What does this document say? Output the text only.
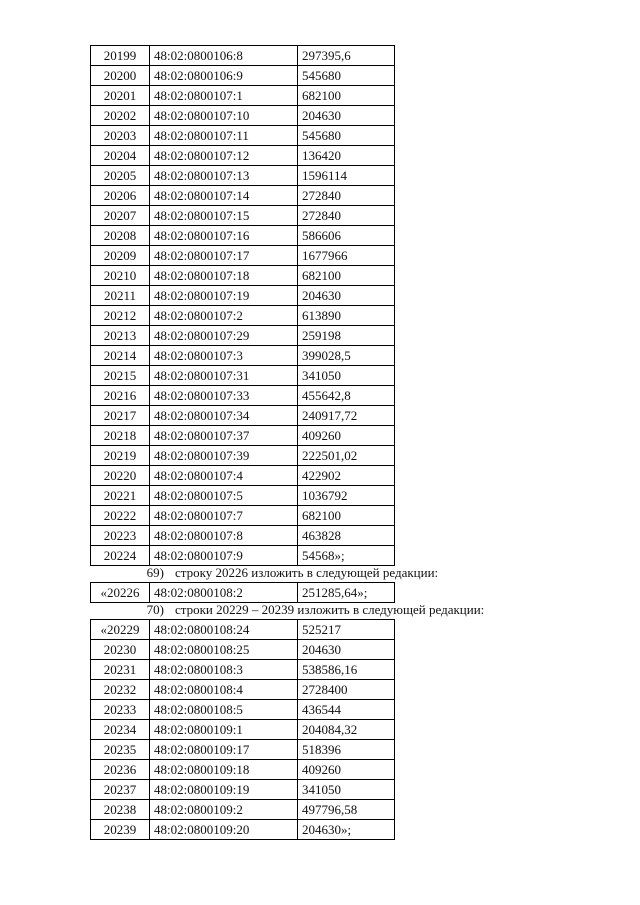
20199	48:02:0800106:8	297395,6
20200	48:02:0800106:9	545680
20201	48:02:0800107:1	682100
20202	48:02:0800107:10	204630
20203	48:02:0800107:11	545680
20204	48:02:0800107:12	136420
20205	48:02:0800107:13	1596114
20206	48:02:0800107:14	272840
20207	48:02:0800107:15	272840
20208	48:02:0800107:16	586606
20209	48:02:0800107:17	1677966
20210	48:02:0800107:18	682100
20211	48:02:0800107:19	204630
20212	48:02:0800107:2	613890
20213	48:02:0800107:29	259198
20214	48:02:0800107:3	399028,5
20215	48:02:0800107:31	341050
20216	48:02:0800107:33	455642,8
20217	48:02:0800107:34	240917,72
20218	48:02:0800107:37	409260
20219	48:02:0800107:39	222501,02
20220	48:02:0800107:4	422902
20221	48:02:0800107:5	1036792
20222	48:02:0800107:7	682100
20223	48:02:0800107:8	463828
20224	48:02:0800107:9	54568»;
69) строку 20226 изложить в следующей редакции:
«20226	48:02:0800108:2	251285,64»;
70) строки 20229 – 20239 изложить в следующей редакции:
«20229	48:02:0800108:24	525217
20230	48:02:0800108:25	204630
20231	48:02:0800108:3	538586,16
20232	48:02:0800108:4	2728400
20233	48:02:0800108:5	436544
20234	48:02:0800109:1	204084,32
20235	48:02:0800109:17	518396
20236	48:02:0800109:18	409260
20237	48:02:0800109:19	341050
20238	48:02:0800109:2	497796,58
20239	48:02:0800109:20	204630»;
